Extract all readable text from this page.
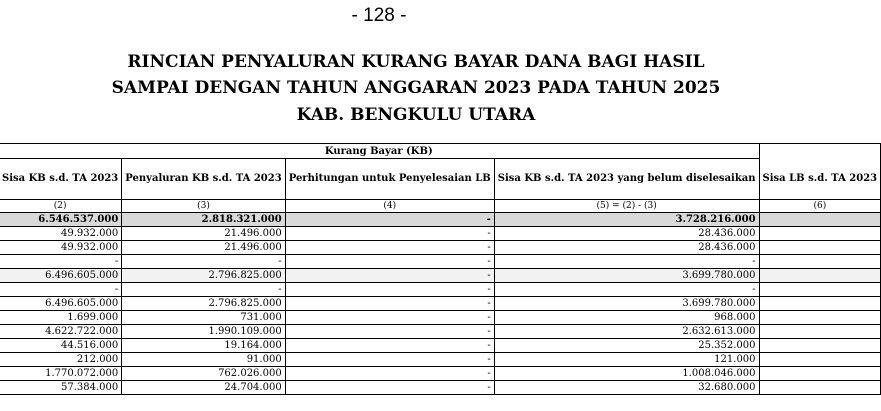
- 128 -
RINCIAN PENYALURAN KURANG BAYAR DANA BAGI HASIL
SAMPAI DENGAN TAHUN ANGGARAN 2023 PADA TAHUN 2025
KAB. BENGKULU UTARA
Kurang Bayar (KB)				
Sisa KB s.d. TA 2023	Penyaluran KB s.d. TA 2023	Perhitungan untuk Penyelesaian LB	Sisa KB s.d. TA 2023 yang belum diselesaikan	Sisa LB s.d. TA 2023
(2)	(3)	(4)	(5) = (2) - (3)	(6)
6.546.537.000	2.818.321.000	-	3.728.216.000	
49.932.000	21.496.000	-	28.436.000	
49.932.000	21.496.000	-	28.436.000	
-	-	-	-	
6.496.605.000	2.796.825.000	-	3.699.780.000	
-	-	-	-	
6.496.605.000	2.796.825.000	-	3.699.780.000	
1.699.000	731.000	-	968.000	
4.622.722.000	1.990.109.000	-	2.632.613.000	
44.516.000	19.164.000	-	25.352.000	
212.000	91.000	-	121.000	
1.770.072.000	762.026.000	-	1.008.046.000	
57.384.000	24.704.000	-	32.680.000	
